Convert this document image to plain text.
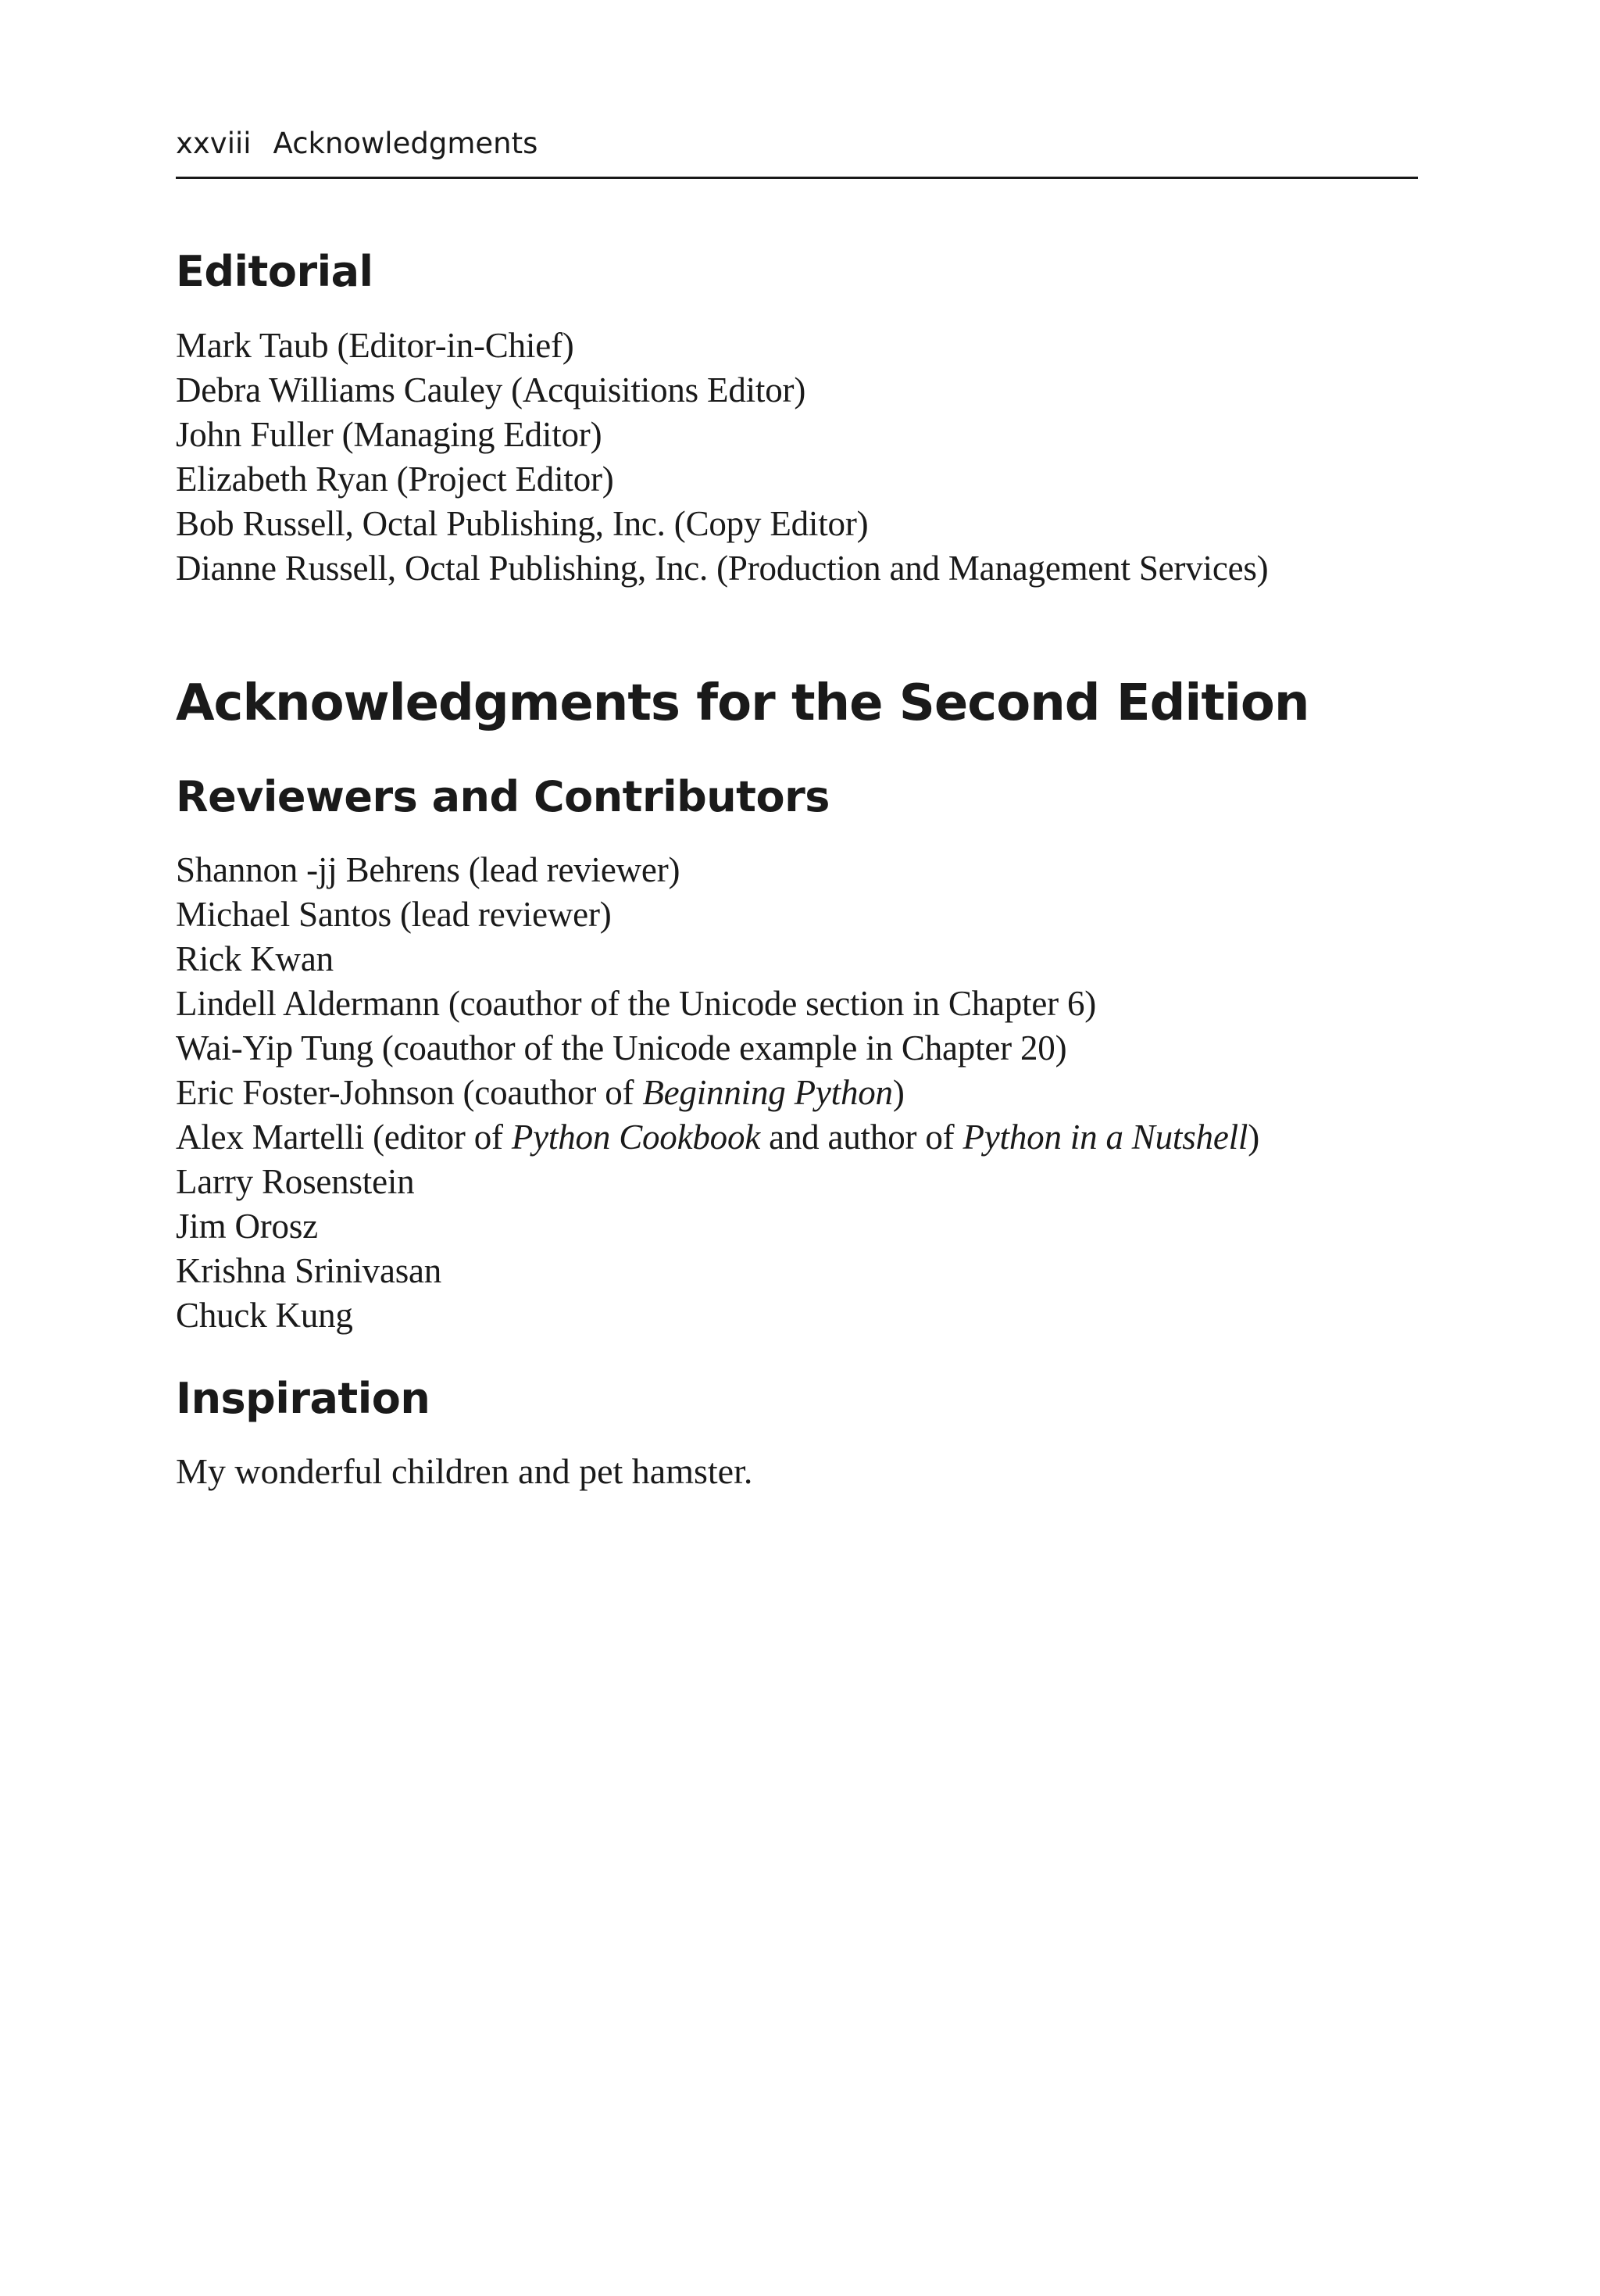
xxviii Acknowledgments
Editorial
Mark Taub (Editor-in-Chief)
Debra Williams Cauley (Acquisitions Editor)
John Fuller (Managing Editor)
Elizabeth Ryan (Project Editor)
Bob Russell, Octal Publishing, Inc. (Copy Editor)
Dianne Russell, Octal Publishing, Inc. (Production and Management Services)
Acknowledgments for the Second Edition
Reviewers and Contributors
Shannon -jj Behrens (lead reviewer)
Michael Santos (lead reviewer)
Rick Kwan
Lindell Aldermann (coauthor of the Unicode section in Chapter 6)
Wai-Yip Tung (coauthor of the Unicode example in Chapter 20)
Eric Foster-Johnson (coauthor of Beginning Python)
Alex Martelli (editor of Python Cookbook and author of Python in a Nutshell)
Larry Rosenstein
Jim Orosz
Krishna Srinivasan
Chuck Kung
Inspiration
My wonderful children and pet hamster.
